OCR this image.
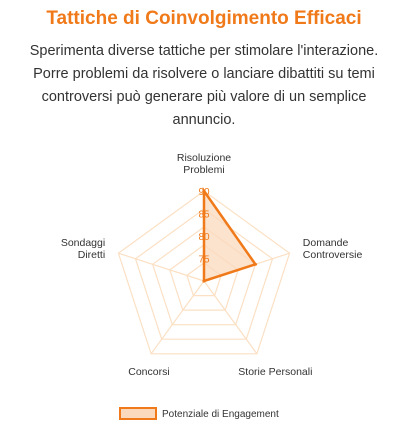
Tattiche di Coinvolgimento Efficaci

Sperimenta diverse tattiche per stimolare l'interazione. Porre problemi da risolvere o lanciare dibattiti su temi controversi può generare più valore di un semplice annuncio.

75
80
85
90
Risoluzione Problemi
Domande Controversie
Storie Personali
Concorsi
Sondaggi Diretti
Potenziale di Engagement
